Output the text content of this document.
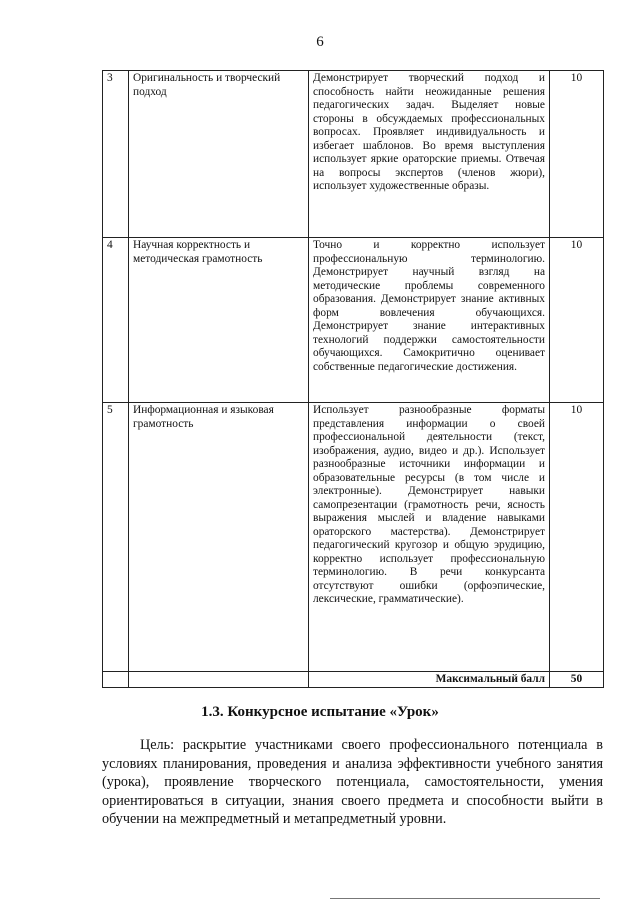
6
3	Оригинальность и творческий подход	Демонстрирует творческий подход и способность найти неожиданные решения педагогических задач. Выделяет новые стороны в обсуждаемых профессиональных вопросах. Проявляет индивидуальность и избегает шаблонов. Во время выступления использует яркие ораторские приемы. Отвечая на вопросы экспертов (членов жюри), использует художественные образы.	10
4	Научная корректность и методическая грамотность	Точно и корректно использует профессиональную терминологию. Демонстрирует научный взгляд на методические проблемы современного образования. Демонстрирует знание активных форм вовлечения обучающихся. Демонстрирует знание интерактивных технологий поддержки самостоятельности обучающихся. Самокритично оценивает собственные педагогические достижения.	10
5	Информационная и языковая грамотность	Использует разнообразные форматы представления информации о своей профессиональной деятельности (текст, изображения, аудио, видео и др.). Использует разнообразные источники информации и образовательные ресурсы (в том числе и электронные). Демонстрирует навыки самопрезентации (грамотность речи, ясность выражения мыслей и владение навыками ораторского мастерства). Демонстрирует педагогический кругозор и общую эрудицию, корректно использует профессиональную терминологию. В речи конкурсанта отсутствуют ошибки (орфоэпические, лексические, грамматические).	10
		Максимальный балл	50
1.3. Конкурсное испытание «Урок»

Цель: раскрытие участниками своего профессионального потенциала в условиях планирования, проведения и анализа эффективности учебного занятия (урока), проявление творческого потенциала, самостоятельности, умения ориентироваться в ситуации, знания своего предмета и способности выйти в обучении на межпредметный и метапредметный уровни.
